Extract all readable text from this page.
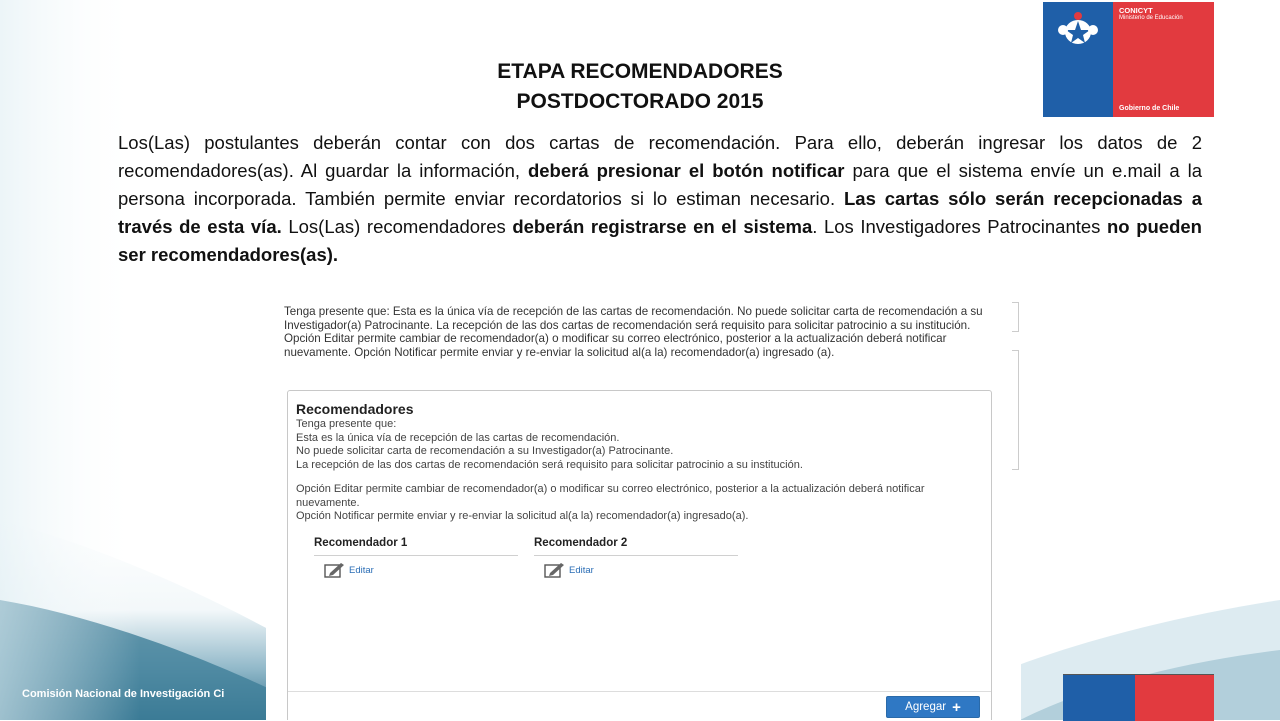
CONICYT
Ministerio de Educación
Gobierno de Chile
ETAPA RECOMENDADORES
POSTDOCTORADO 2015
Los(Las) postulantes deberán contar con dos cartas de recomendación. Para ello, deberán ingresar los datos de 2 recomendadores(as). Al guardar la información, deberá presionar el botón notificar para que el sistema envíe un e.mail a la persona incorporada. También permite enviar recordatorios si lo estiman necesario. Las cartas sólo serán recepcionadas a través de esta vía. Los(Las) recomendadores deberán registrarse en el sistema. Los Investigadores Patrocinantes no pueden ser recomendadores(as).
Tenga presente que: Esta es la única vía de recepción de las cartas de recomendación. No puede solicitar carta de recomendación a su Investigador(a) Patrocinante. La recepción de las dos cartas de recomendación será requisito para solicitar patrocinio a su institución. Opción Editar permite cambiar de recomendador(a) o modificar su correo electrónico, posterior a la actualización deberá notificar nuevamente. Opción Notificar permite enviar y re-enviar la solicitud al(a la) recomendador(a) ingresado (a).
Recomendadores
Tenga presente que:
Esta es la única vía de recepción de las cartas de recomendación.
No puede solicitar carta de recomendación a su Investigador(a) Patrocinante.
La recepción de las dos cartas de recomendación será requisito para solicitar patrocinio a su institución.
Opción Editar permite cambiar de recomendador(a) o modificar su correo electrónico, posterior a la actualización deberá notificar nuevamente.
Opción Notificar permite enviar y re-enviar la solicitud al(a la) recomendador(a) ingresado(a).
Recomendador 1
Editar
Recomendador 2
Editar
Agregar +
Comisión Nacional de Investigación Ci
